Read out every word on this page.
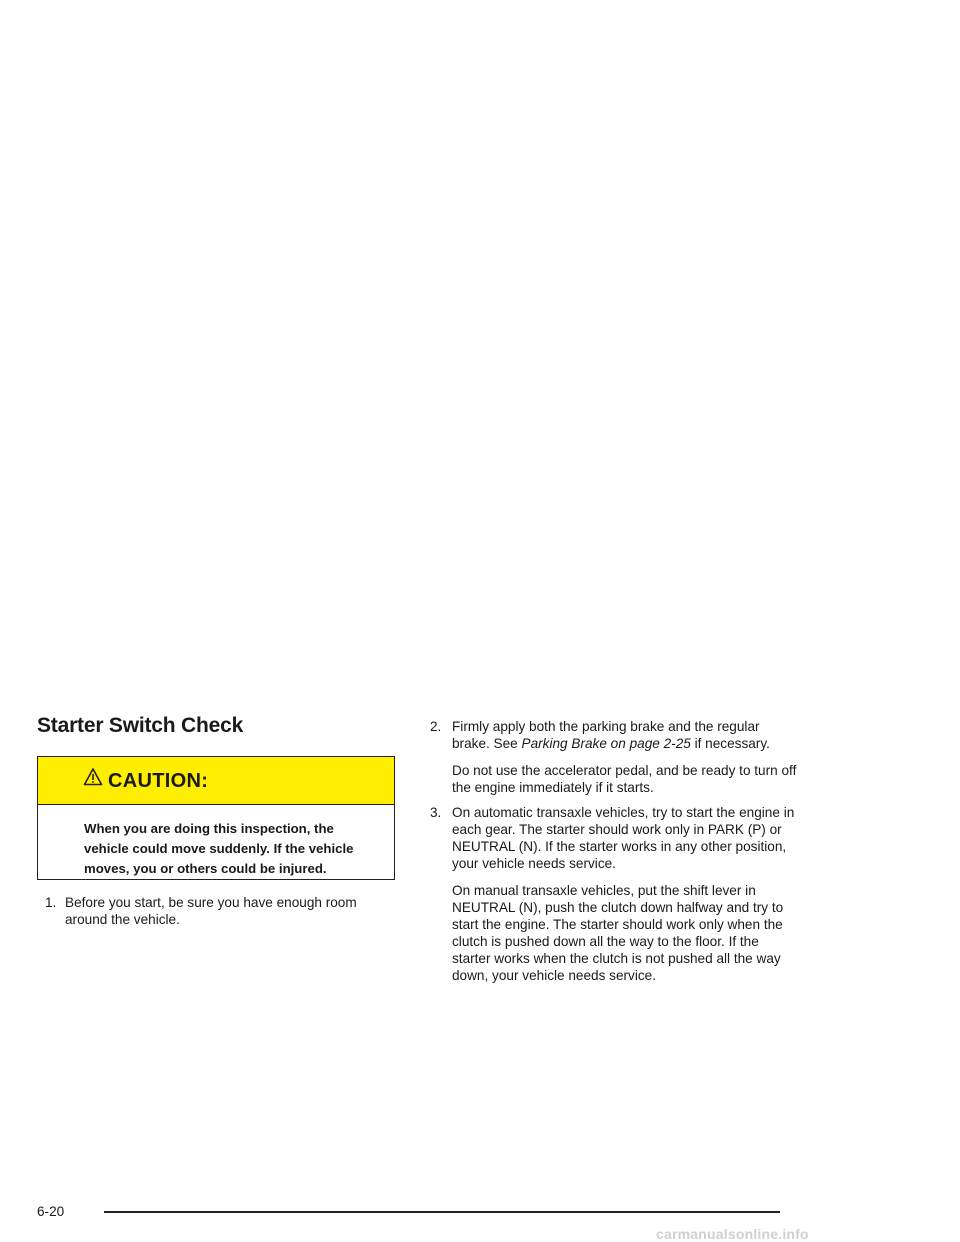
Starter Switch Check
CAUTION:
When you are doing this inspection, the vehicle could move suddenly. If the vehicle moves, you or others could be injured.
1. Before you start, be sure you have enough room around the vehicle.

2. Firmly apply both the parking brake and the regular brake. See Parking Brake on page 2-25 if necessary.

Do not use the accelerator pedal, and be ready to turn off the engine immediately if it starts.

3. On automatic transaxle vehicles, try to start the engine in each gear. The starter should work only in PARK (P) or NEUTRAL (N). If the starter works in any other position, your vehicle needs service.

On manual transaxle vehicles, put the shift lever in NEUTRAL (N), push the clutch down halfway and try to start the engine. The starter should work only when the clutch is pushed down all the way to the floor. If the starter works when the clutch is not pushed all the way down, your vehicle needs service.

6-20
carmanualsonline.info
